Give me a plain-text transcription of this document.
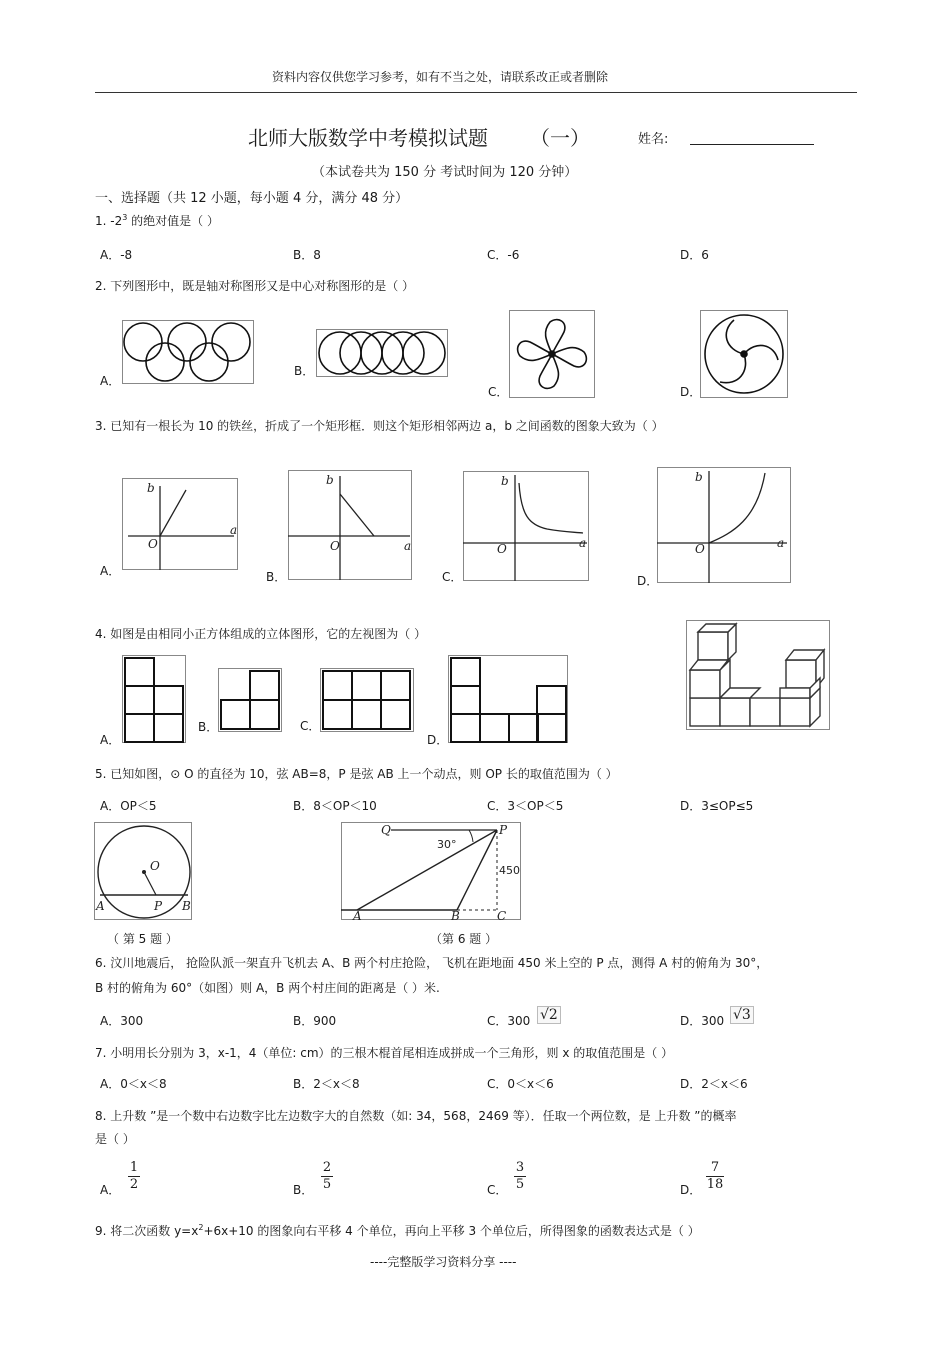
资料内容仅供您学习参考，如有不当之处，请联系改正或者删除
北师大版数学中考模拟试题 （一）	姓名:
（本试卷共为 150 分 考试时间为 120 分钟）
一、选择题（共 12 小题，每小题 4 分，满分 48 分）
1. $-2^3$ 的绝对值是（ ）
A．-8	B．8	C．-6	D．6
2. 下列图形中，既是轴对称图形又是中心对称图形的是（ ）
A．
B．
C．	D．
3. 已知有一根长为 10 的铁丝，折成了一个矩形框．则这个矩形相邻两边 a，b 之间函数的图象大致为（ ）
A．	B．	C．	D．
b
a
O
b
a
O
b
a
O
b
a
O
4. 如图是由相同小正方体组成的立体图形，它的左视图为（ ）
A．
B．	C．
D．
5. 已知如图，⊙ O 的直径为 10，弦 AB=8，P 是弦 AB 上一个动点，则 OP 长的取值范围为（ ）
A．OP＜5	B．8＜OP＜10	C．3＜OP＜5	D．3≤OP≤5
O
A	P B
（ 第 5 题 ）
Q	P
A	B	C
30°
450
（第 6 题 ）
6. 汶川地震后， 抢险队派一架直升飞机去 A、B 两个村庄抢险， 飞机在距地面 450 米上空的 P 点，测得 A 村的俯角为 30°，
B 村的俯角为 60°（如图）则 A，B 两个村庄间的距离是（ ）米.
A．300	B．900	C．300 √2	D．300 √3
7. 小明用长分别为 3，x-1，4（单位: cm）的三根木棍首尾相连成拼成一个三角形，则 x 的取值范围是（ ）
A．0＜x＜8	B．2＜x＜8	C．0＜x＜6	D．2＜x＜6
8. 上升数 ”是一个数中右边数字比左边数字大的自然数（如: 34，568，2469 等）．任取一个两位数，是 上升数 ”的概率
是（ ）
A．
1
2	B．
2
5	C．
3
5	D．
7
18
9. 将二次函数 $y=x^2+6x+10$ 的图象向右平移 4 个单位，再向上平移 3 个单位后，所得图象的函数表达式是（ ）
----完整版学习资料分享 ----
